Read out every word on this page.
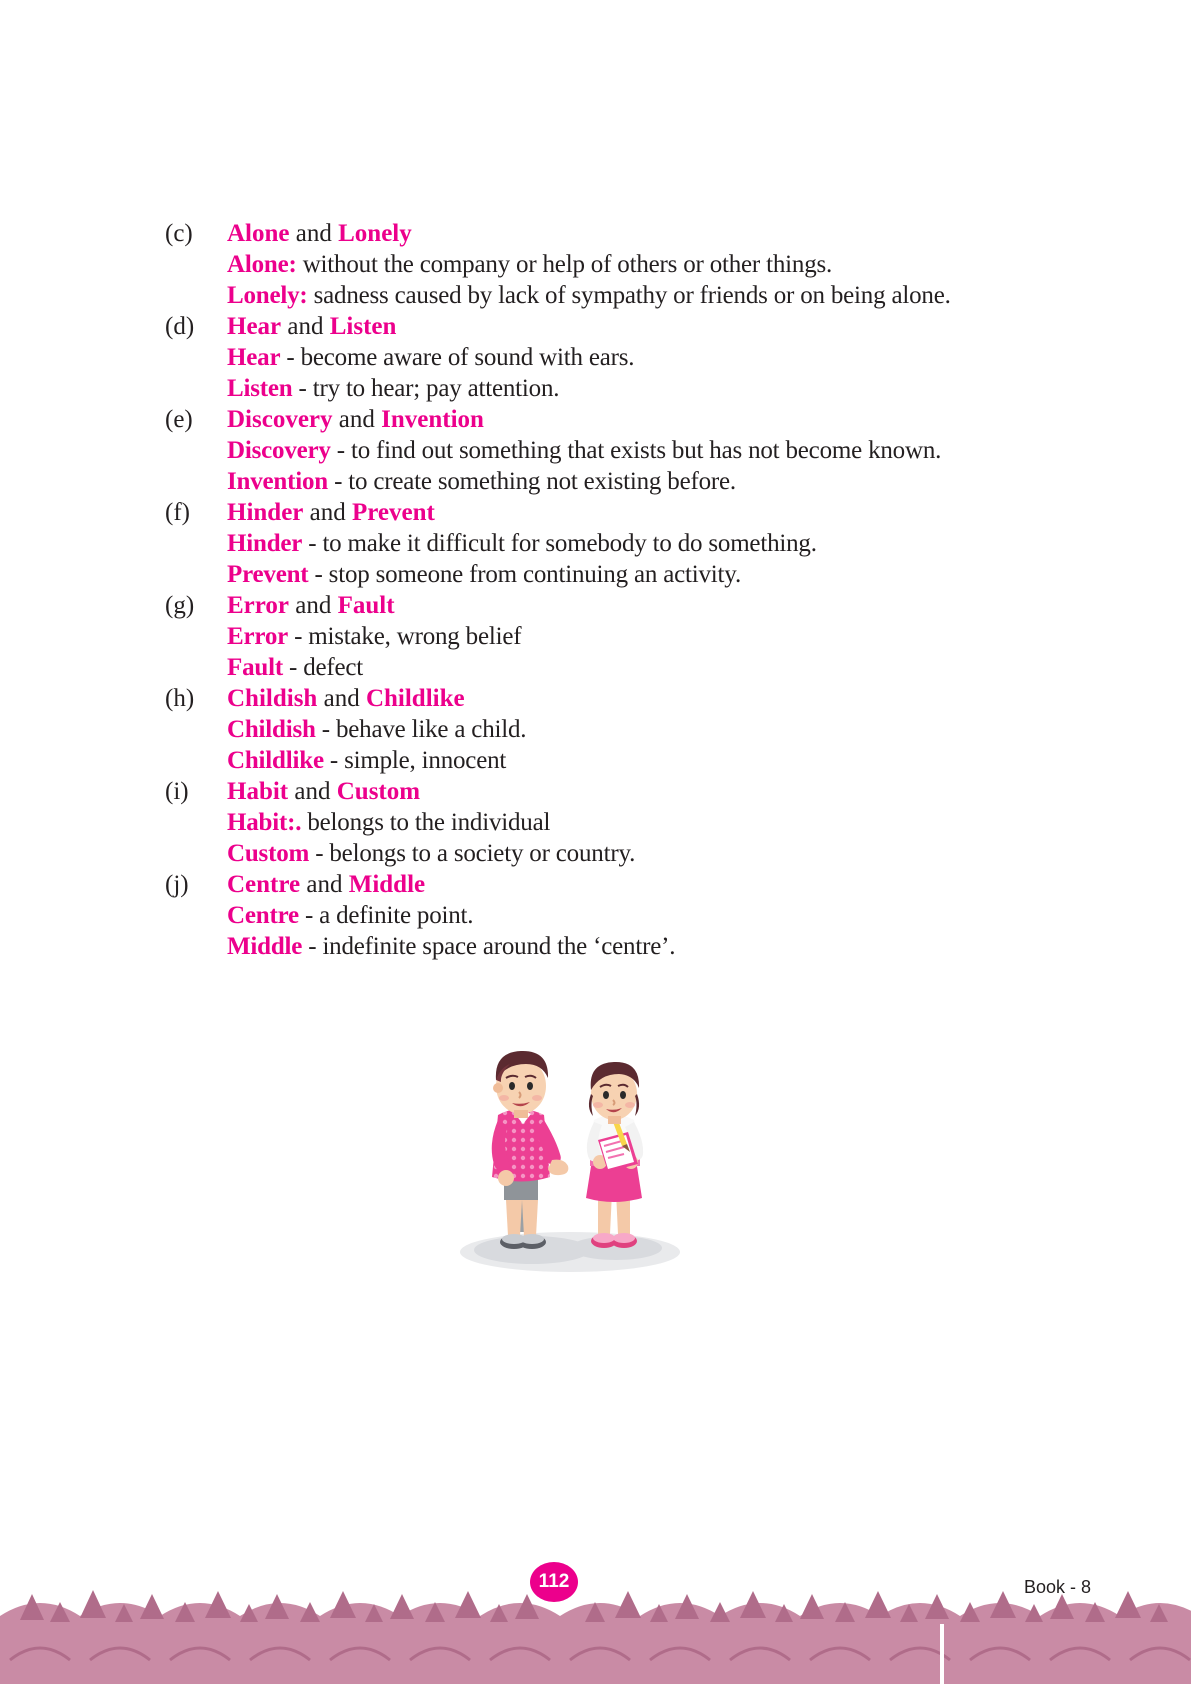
(c)	Alone and Lonely
Alone: without the company or help of others or other things.
Lonely: sadness caused by lack of sympathy or friends or on being alone.
(d)	Hear and Listen
Hear - become aware of sound with ears.
Listen - try to hear; pay attention.
(e)	Discovery and Invention
Discovery - to find out something that exists but has not become known.
Invention - to create something not existing before.
(f)	Hinder and Prevent
Hinder - to make it difficult for somebody to do something.
Prevent - stop someone from continuing an activity.
(g)	Error and Fault
Error - mistake, wrong belief
Fault - defect
(h)	Childish and Childlike
Childish - behave like a child.
Childlike - simple, innocent
(i)	Habit and Custom
Habit:. belongs to the individual
Custom - belongs to a society or country.
(j)	Centre and Middle
Centre - a definite point.
Middle - indefinite space around the ‘centre’.
112	Book - 8
